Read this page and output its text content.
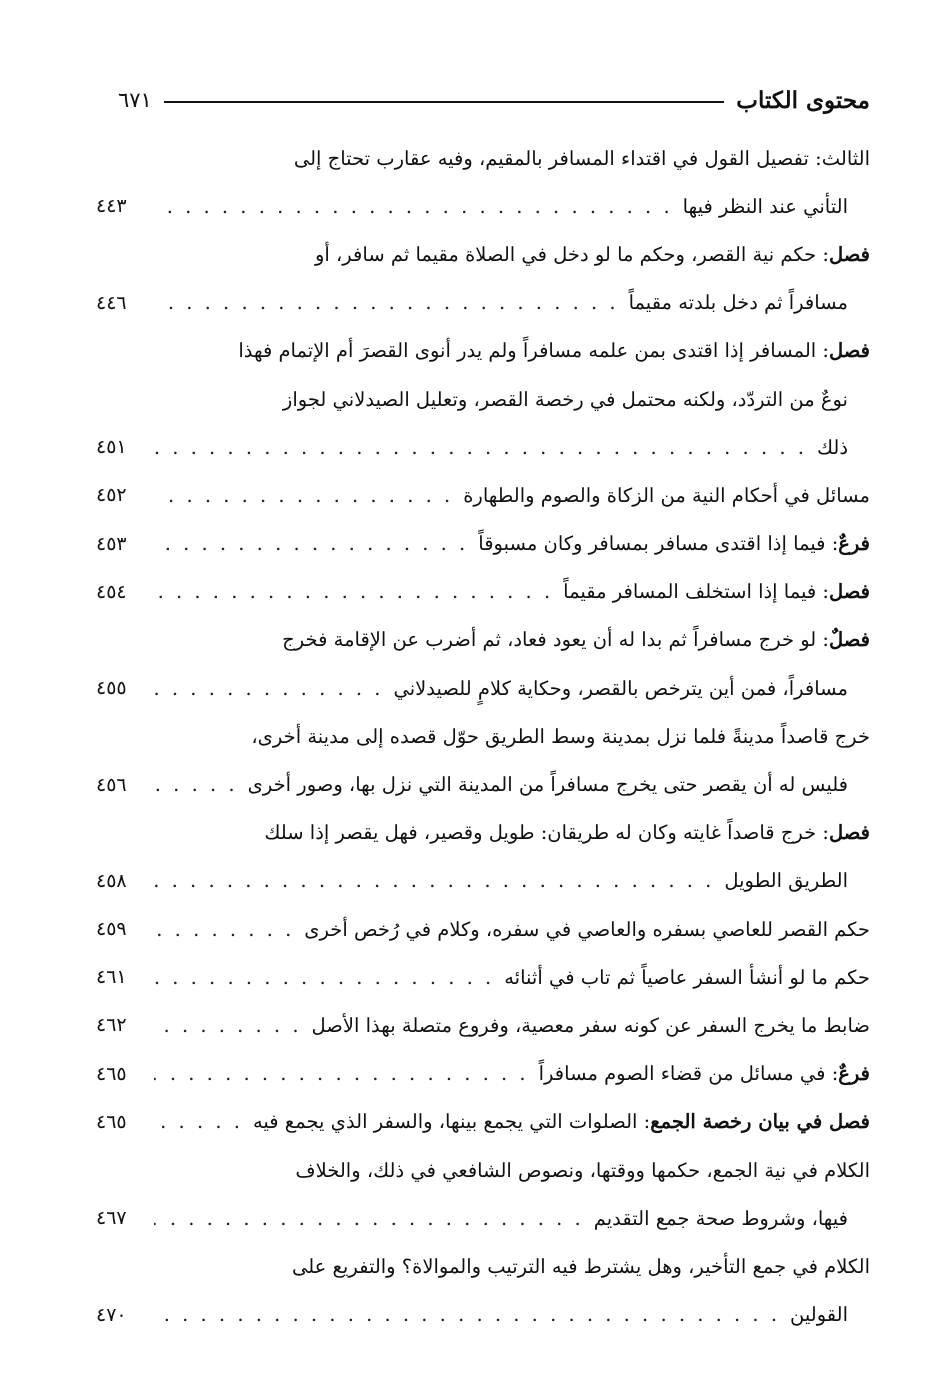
محتوى الكتاب
٦٧١
الثالث: تفصيل القول في اقتداء المسافر بالمقيم، وفيه عقارب تحتاج إلى
التأني عند النظر فيها
. . .
٤٤٣
فصل: حكم نية القصر، وحكم ما لو دخل في الصلاة مقيما ثم سافر، أو
مسافراً ثم دخل بلدته مقيماً
. . .
٤٤٦
فصل: المسافر إذا اقتدى بمن علمه مسافراً ولم يدر أنوى القصرَ أم الإتمام فهذا
نوعٌ من التردّد، ولكنه محتمل في رخصة القصر، وتعليل الصيدلاني لجواز
ذلك
. . .
٤٥١
مسائل في أحكام النية من الزكاة والصوم والطهارة
. . .
٤٥٢
فرعٌ: فيما إذا اقتدى مسافر بمسافر وكان مسبوقاً
. . .
٤٥٣
فصل: فيما إذا استخلف المسافر مقيماً
. . .
٤٥٤
فصلٌ: لو خرج مسافراً ثم بدا له أن يعود فعاد، ثم أضرب عن الإقامة فخرج
مسافراً، فمن أين يترخص بالقصر، وحكاية كلامٍ للصيدلاني
. . .
٤٥٥
خرج قاصداً مدينةً فلما نزل بمدينة وسط الطريق حوّل قصده إلى مدينة أخرى،
فليس له أن يقصر حتى يخرج مسافراً من المدينة التي نزل بها، وصور أخرى
. . .
٤٥٦
فصل: خرج قاصداً غايته وكان له طريقان: طويل وقصير، فهل يقصر إذا سلك
الطريق الطويل
. . .
٤٥٨
حكم القصر للعاصي بسفره والعاصي في سفره، وكلام في رُخص أخرى
. . .
٤٥٩
حكم ما لو أنشأ السفر عاصياً ثم تاب في أثنائه
. . .
٤٦١
ضابط ما يخرج السفر عن كونه سفر معصية، وفروع متصلة بهذا الأصل
. . .
٤٦٢
فرعٌ: في مسائل من قضاء الصوم مسافراً
. . .
٤٦٥
فصل في بيان رخصة الجمع: الصلوات التي يجمع بينها، والسفر الذي يجمع فيه
. . .
٤٦٥
الكلام في نية الجمع، حكمها ووقتها، ونصوص الشافعي في ذلك، والخلاف
فيها، وشروط صحة جمع التقديم
. . .
٤٦٧
الكلام في جمع التأخير، وهل يشترط فيه الترتيب والموالاة؟ والتفريع على
القولين
. . .
٤٧٠
